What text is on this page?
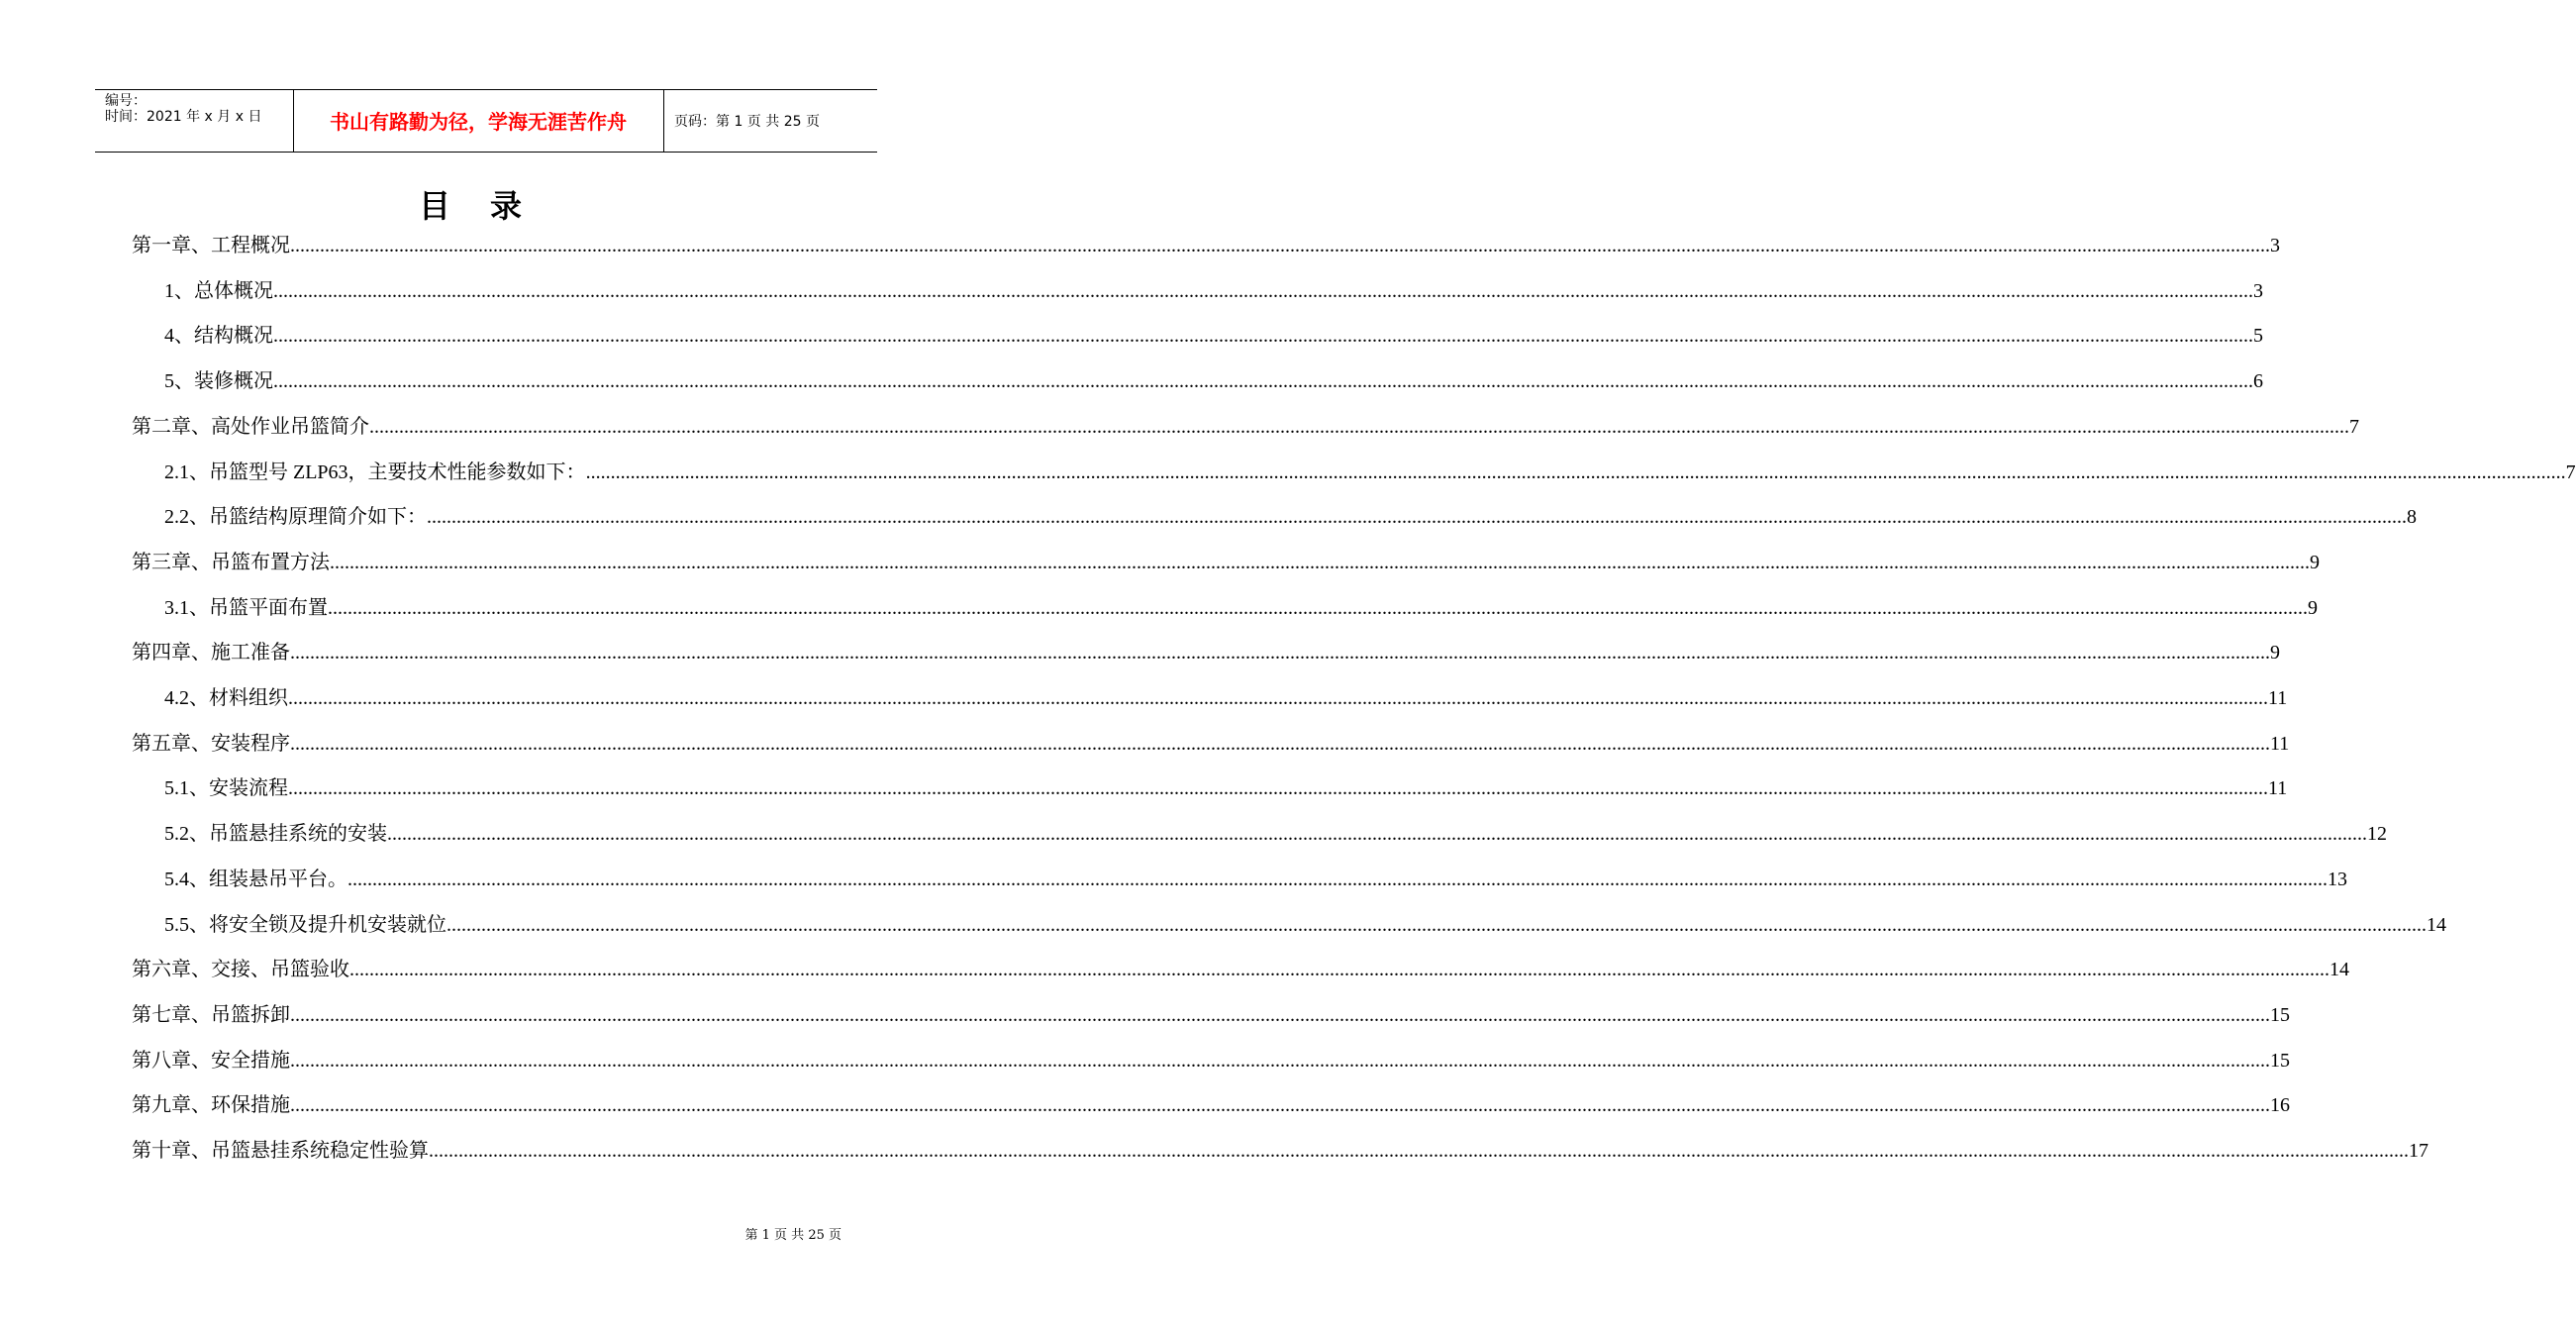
编号：
时间：2021 年 x 月 x 日	书山有路勤为径，学海无涯苦作舟	页码：第 1 页 共 25 页
目录
第一章、工程概况 ................................................................................................................................................................................................................................................................................................................................................................................................................ 3
1、总体概况 ................................................................................................................................................................................................................................................................................................................................................................................................................ 3
4、结构概况 ................................................................................................................................................................................................................................................................................................................................................................................................................ 5
5、装修概况 ................................................................................................................................................................................................................................................................................................................................................................................................................ 6
第二章、高处作业吊篮简介 ................................................................................................................................................................................................................................................................................................................................................................................................................ 7
2.1、吊篮型号 ZLP63，主要技术性能参数如下： ................................................................................................................................................................................................................................................................................................................................................................................................................ 7
2.2、吊篮结构原理简介如下： ................................................................................................................................................................................................................................................................................................................................................................................................................ 8
第三章、吊篮布置方法 ................................................................................................................................................................................................................................................................................................................................................................................................................ 9
3.1、吊篮平面布置 ................................................................................................................................................................................................................................................................................................................................................................................................................ 9
第四章、施工准备 ................................................................................................................................................................................................................................................................................................................................................................................................................ 9
4.2、材料组织 ................................................................................................................................................................................................................................................................................................................................................................................................................ 11
第五章、安装程序 ................................................................................................................................................................................................................................................................................................................................................................................................................ 11
5.1、安装流程 ................................................................................................................................................................................................................................................................................................................................................................................................................ 11
5.2、吊篮悬挂系统的安装 ................................................................................................................................................................................................................................................................................................................................................................................................................ 12
5.4、组装悬吊平台。 ................................................................................................................................................................................................................................................................................................................................................................................................................ 13
5.5、将安全锁及提升机安装就位 ................................................................................................................................................................................................................................................................................................................................................................................................................ 14
第六章、交接、吊篮验收 ................................................................................................................................................................................................................................................................................................................................................................................................................ 14
第七章、吊篮拆卸 ................................................................................................................................................................................................................................................................................................................................................................................................................ 15
第八章、安全措施 ................................................................................................................................................................................................................................................................................................................................................................................................................ 15
第九章、环保措施 ................................................................................................................................................................................................................................................................................................................................................................................................................ 16
第十章、吊篮悬挂系统稳定性验算 ................................................................................................................................................................................................................................................................................................................................................................................................................ 17
第 1 页 共 25 页
